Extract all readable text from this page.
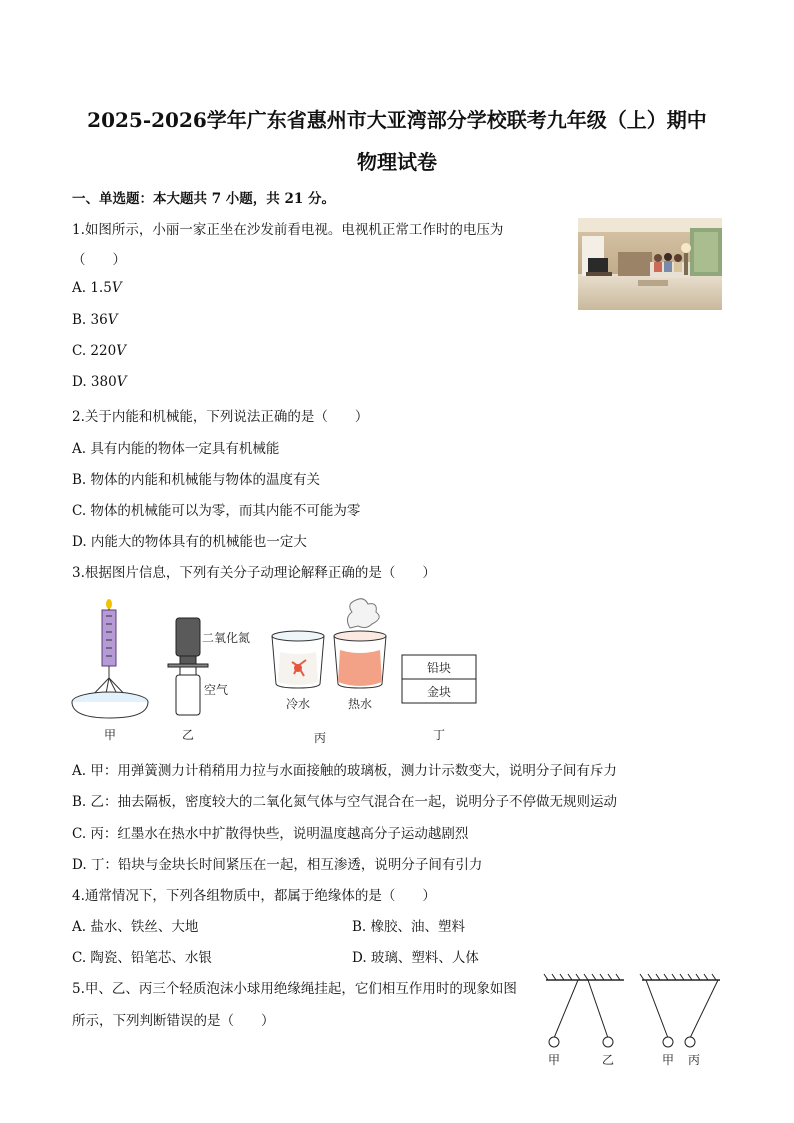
2025-2026学年广东省惠州市大亚湾部分学校联考九年级（上）期中
物理试卷
一、单选题：本大题共 7 小题，共 21 分。
1.如图所示，小丽一家正坐在沙发前看电视。电视机正常工作时的电压为
（　　）
A. 1.5V
B. 36V
C. 220V
D. 380V
2.关于内能和机械能，下列说法正确的是（　　）
A. 具有内能的物体一定具有机械能
B. 物体的内能和机械能与物体的温度有关
C. 物体的机械能可以为零，而其内能不可能为零
D. 内能大的物体具有的机械能也一定大
3.根据图片信息，下列有关分子动理论解释正确的是（　　）
甲
二氧化氮
空气
乙
冷水	热水
丙
铅块
金块
丁
A. 甲：用弹簧测力计稍稍用力拉与水面接触的玻璃板，测力计示数变大，说明分子间有斥力
B. 乙：抽去隔板，密度较大的二氧化氮气体与空气混合在一起，说明分子不停做无规则运动
C. 丙：红墨水在热水中扩散得快些，说明温度越高分子运动越剧烈
D. 丁：铅块与金块长时间紧压在一起，相互渗透，说明分子间有引力
4.通常情况下，下列各组物质中，都属于绝缘体的是（　　）
A. 盐水、铁丝、大地	B. 橡胶、油、塑料
C. 陶瓷、铅笔芯、水银	D. 玻璃、塑料、人体
5.甲、乙、丙三个轻质泡沫小球用绝缘绳挂起，它们相互作用时的现象如图
所示，下列判断错误的是（　　）
甲	乙	甲 丙
